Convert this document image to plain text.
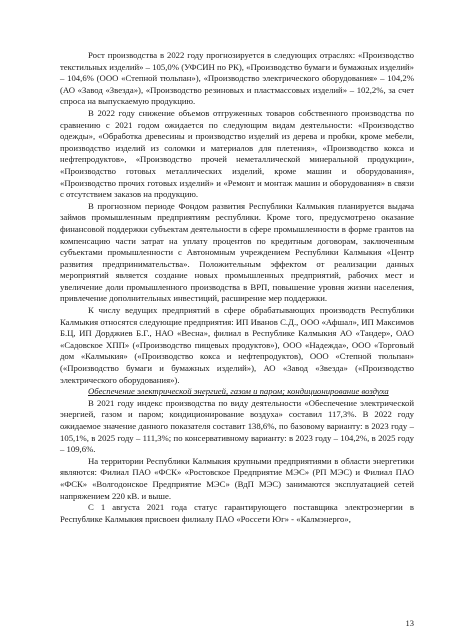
Рост производства в 2022 году прогнозируется в следующих отраслях: «Производство текстильных изделий» – 105,0% (УФСИН по РК), «Производство бумаги и бумажных изделий» – 104,6% (ООО «Степной тюльпан»), «Производство электрического оборудования» – 104,2% (АО «Завод «Звезда»), «Производство резиновых и пластмассовых изделий» – 102,2%, за счет спроса на выпускаемую продукцию.

В 2022 году снижение объемов отгруженных товаров собственного производства по сравнению с 2021 годом ожидается по следующим видам деятельности: «Производство одежды», «Обработка древесины и производство изделий из дерева и пробки, кроме мебели, производство изделий из соломки и материалов для плетения», «Производство кокса и нефтепродуктов», «Производство прочей неметаллической минеральной продукции», «Производство готовых металлических изделий, кроме машин и оборудования», «Производство прочих готовых изделий» и «Ремонт и монтаж машин и оборудования» в связи с отсутствием заказов на продукцию.

В прогнозном периоде Фондом развития Республики Калмыкия планируется выдача займов промышленным предприятиям республики. Кроме того, предусмотрено оказание финансовой поддержки субъектам деятельности в сфере промышленности в форме грантов на компенсацию части затрат на уплату процентов по кредитным договорам, заключенным субъектами промышленности с Автономным учреждением Республики Калмыкия «Центр развития предпринимательства». Положительным эффектом от реализации данных мероприятий является создание новых промышленных предприятий, рабочих мест и увеличение доли промышленного производства в ВРП, повышение уровня жизни населения, привлечение дополнительных инвестиций, расширение мер поддержки.

К числу ведущих предприятий в сфере обрабатывающих производств Республики Калмыкия относятся следующие предприятия: ИП Иванов С.Д., ООО «Афшал», ИП Максимов Б.Ц, ИП Дорджиев Б.Г., НАО «Весна», филиал в Республике Калмыкия АО «Тандер», ОАО «Садовское ХПП» («Производство пищевых продуктов»), ООО «Надежда», ООО «Торговый дом «Калмыкия» («Производство кокса и нефтепродуктов), ООО «Степной тюльпан» («Производство бумаги и бумажных изделий»), АО «Завод «Звезда» («Производство электрического оборудования»).

Обеспечение электрической энергией, газом и паром; кондиционирование воздуха

В 2021 году индекс производства по виду деятельности «Обеспечение электрической энергией, газом и паром; кондиционирование воздуха» составил 117,3%. В 2022 году ожидаемое значение данного показателя составит 138,6%, по базовому варианту: в 2023 году – 105,1%, в 2025 году – 111,3%; по консервативному варианту: в 2023 году – 104,2%, в 2025 году – 109,6%.

На территории Республики Калмыкия крупными предприятиями в области энергетики являются: Филиал ПАО «ФСК» «Ростовское Предприятие МЭС» (РП МЭС) и Филиал ПАО «ФСК» «Волгодонское Предприятие МЭС» (ВдП МЭС) занимаются эксплуатацией сетей напряжением 220 кВ. и выше.

С 1 августа 2021 года статус гарантирующего поставщика электроэнергии в Республике Калмыкия присвоен филиалу ПАО «Россети Юг» - «Калмэнерго»,

13
